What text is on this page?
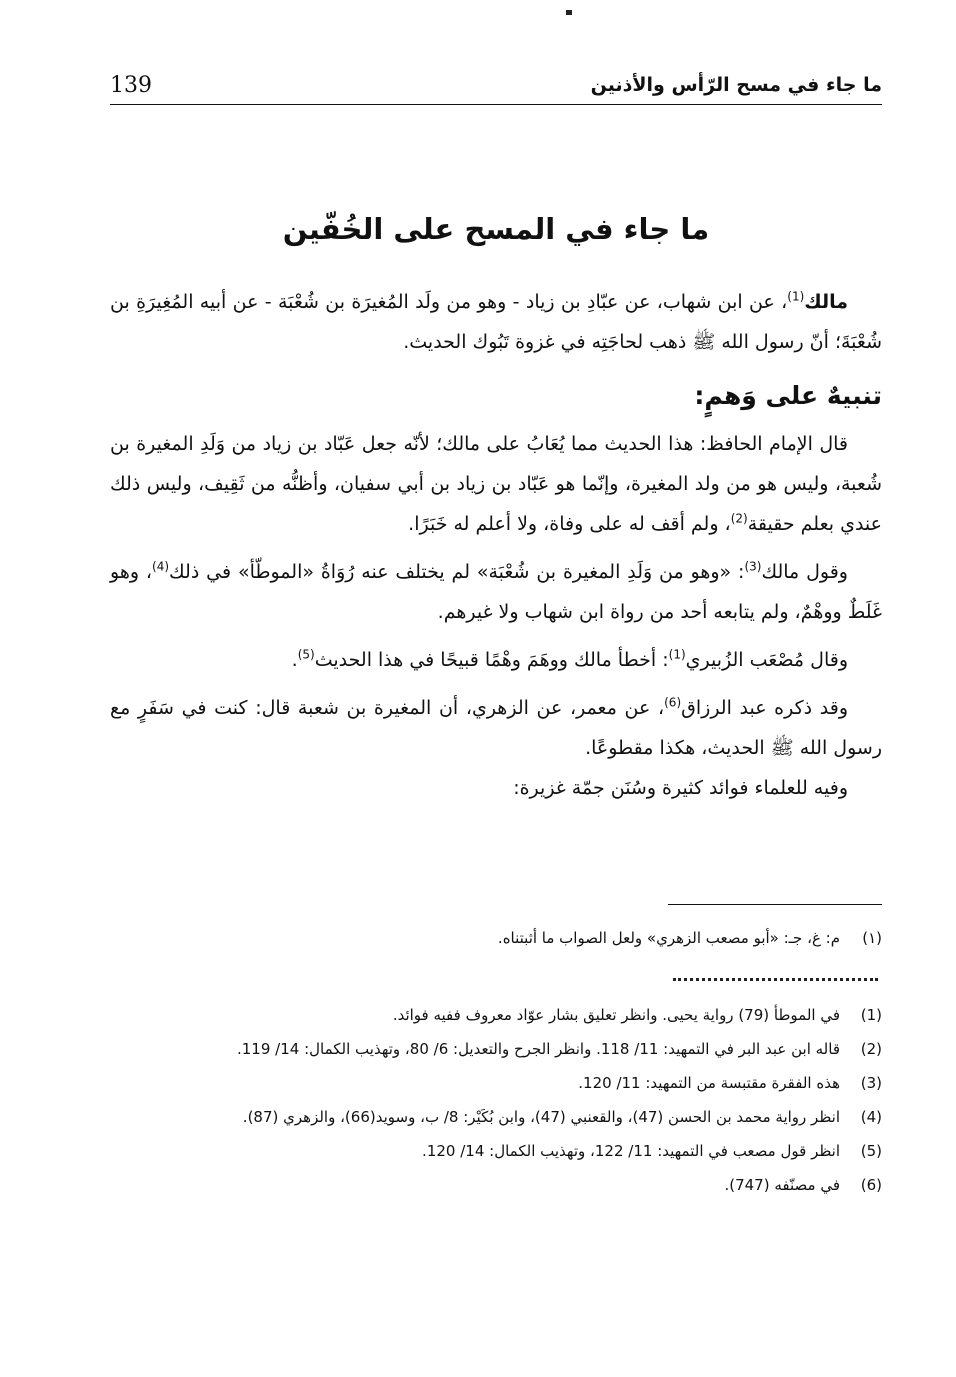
ما جاء في مسح الرّأس والأذنين
139
ما جاء في المسح على الخُفّين

مالك$^{(1)}$، عن ابن شهاب، عن عبّادِ بن زياد - وهو من ولَد المُغيرَة بن شُعْبَة - عن أبيه المُغِيرَةِ بن شُعْبَةَ؛ أنّ رسول الله ﷺ ذهب لحاجَتِه في غزوة تَبُوك الحديث.

تنبيهٌ على وَهمٍ:

قال الإمام الحافظ: هذا الحديث مما يُعَابُ على مالك؛ لأنّه جعل عَبّاد بن زياد من وَلَدِ المغيرة بن شُعبة، وليس هو من ولد المغيرة، وإنّما هو عَبّاد بن زياد بن أبي سفيان، وأظنُّه من ثَقِيف، وليس ذلك عندي بعلم حقيقة$^{(2)}$، ولم أقف له على وفاة، ولا أعلم له خَبَرًا.

وقول مالك$^{(3)}$: «وهو من وَلَدِ المغيرة بن شُعْبَة» لم يختلف عنه رُوَاةُ «الموطّأ» في ذلك$^{(4)}$، وهو غَلَطٌ ووهْمٌ، ولم يتابعه أحد من رواة ابن شهاب ولا غيرهم.

وقال مُصْعَب الزُبيري$^{(1)}$: أخطأ مالك ووهَمَ وهْمًا قبيحًا في هذا الحديث$^{(5)}$.

وقد ذكره عبد الرزاق$^{(6)}$، عن معمر، عن الزهري، أن المغيرة بن شعبة قال: كنت في سَفَرٍ مع رسول الله ﷺ الحديث، هكذا مقطوعًا.

وفيه للعلماء فوائد كثيرة وسُنَن جمّة غزيرة:

(١)
م: غ، جـ: «أبو مصعب الزهري» ولعل الصواب ما أثبتناه.
(1)
في الموطأ (79) رواية يحيى. وانظر تعليق بشار عوّاد معروف ففيه فوائد.
(2)
قاله ابن عبد البر في التمهيد: 11/ 118. وانظر الجرح والتعديل: 6/ 80، وتهذيب الكمال: 14/ 119.
(3)
هذه الفقرة مقتبسة من التمهيد: 11/ 120.
(4)
انظر رواية محمد بن الحسن (47)، والقعنبي (47)، وابن بُكَيْر: 8/ ب، وسويد(66)، والزهري (87).
(5)
انظر قول مصعب في التمهيد: 11/ 122، وتهذيب الكمال: 14/ 120.
(6)
في مصنّفه (747).
